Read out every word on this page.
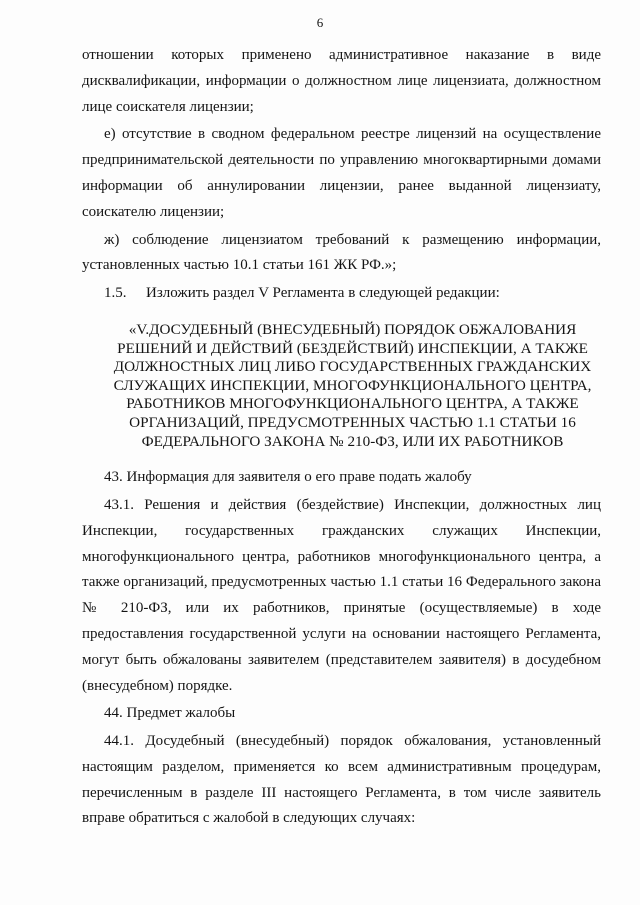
6

отношении которых применено административное наказание в виде дисквалификации, информации о должностном лице лицензиата, должностном лице соискателя лицензии;

е) отсутствие в сводном федеральном реестре лицензий на осуществление предпринимательской деятельности по управлению многоквартирными домами информации об аннулировании лицензии, ранее выданной лицензиату, соискателю лицензии;

ж) соблюдение лицензиатом требований к размещению информации, установленных частью 10.1 статьи 161 ЖК РФ.»;

1.5. Изложить раздел V Регламента в следующей редакции:

«V.ДОСУДЕБНЫЙ (ВНЕСУДЕБНЫЙ) ПОРЯДОК ОБЖАЛОВАНИЯ РЕШЕНИЙ И ДЕЙСТВИЙ (БЕЗДЕЙСТВИЙ) ИНСПЕКЦИИ, А ТАКЖЕ ДОЛЖНОСТНЫХ ЛИЦ ЛИБО ГОСУДАРСТВЕННЫХ ГРАЖДАНСКИХ СЛУЖАЩИХ ИНСПЕКЦИИ, МНОГОФУНКЦИОНАЛЬНОГО ЦЕНТРА, РАБОТНИКОВ МНОГОФУНКЦИОНАЛЬНОГО ЦЕНТРА, А ТАКЖЕ ОРГАНИЗАЦИЙ, ПРЕДУСМОТРЕННЫХ ЧАСТЬЮ 1.1 СТАТЬИ 16 ФЕДЕРАЛЬНОГО ЗАКОНА № 210-ФЗ, ИЛИ ИХ РАБОТНИКОВ

43. Информация для заявителя о его праве подать жалобу

43.1. Решения и действия (бездействие) Инспекции, должностных лиц Инспекции, государственных гражданских служащих Инспекции, многофункционального центра, работников многофункционального центра, а также организаций, предусмотренных частью 1.1 статьи 16 Федерального закона № 210-ФЗ, или их работников, принятые (осуществляемые) в ходе предоставления государственной услуги на основании настоящего Регламента, могут быть обжалованы заявителем (представителем заявителя) в досудебном (внесудебном) порядке.

44. Предмет жалобы

44.1. Досудебный (внесудебный) порядок обжалования, установленный настоящим разделом, применяется ко всем административным процедурам, перечисленным в разделе III настоящего Регламента, в том числе заявитель вправе обратиться с жалобой в следующих случаях:
